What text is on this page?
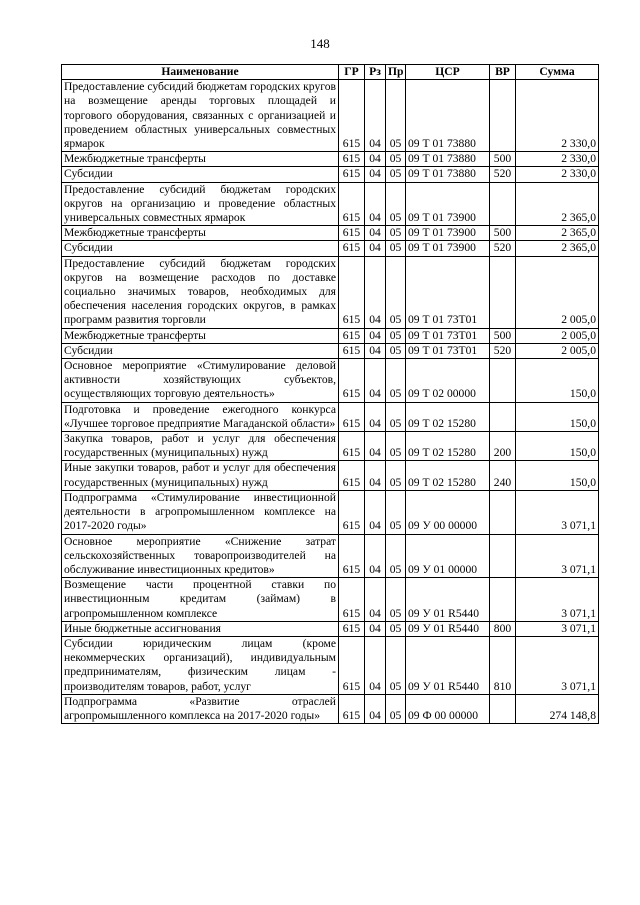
148
Наименование	ГР	Рз	Пр	ЦСР	ВР	Сумма
Предоставление субсидий бюджетам городских кругов на возмещение аренды торговых площадей и торгового оборудования, связанных с организацией и проведением областных универсальных совместных ярмарок	615	04	05	09 Т 01 73880		2 330,0
Межбюджетные трансферты	615	04	05	09 Т 01 73880	500	2 330,0
Субсидии	615	04	05	09 Т 01 73880	520	2 330,0
Предоставление субсидий бюджетам городских округов на организацию и проведение областных универсальных совместных ярмарок	615	04	05	09 Т 01 73900		2 365,0
Межбюджетные трансферты	615	04	05	09 Т 01 73900	500	2 365,0
Субсидии	615	04	05	09 Т 01 73900	520	2 365,0
Предоставление субсидий бюджетам городских округов на возмещение расходов по доставке социально значимых товаров, необходимых для обеспечения населения городских округов, в рамках программ развития торговли	615	04	05	09 Т 01 73Т01		2 005,0
Межбюджетные трансферты	615	04	05	09 Т 01 73Т01	500	2 005,0
Субсидии	615	04	05	09 Т 01 73Т01	520	2 005,0
Основное мероприятие «Стимулирование деловой активности хозяйствующих субъектов, осуществляющих торговую деятельность»	615	04	05	09 Т 02 00000		150,0
Подготовка и проведение ежегодного конкурса «Лучшее торговое предприятие Магаданской области»	615	04	05	09 Т 02 15280		150,0
Закупка товаров, работ и услуг для обеспечения государственных (муниципальных) нужд	615	04	05	09 Т 02 15280	200	150,0
Иные закупки товаров, работ и услуг для обеспечения государственных (муниципальных) нужд	615	04	05	09 Т 02 15280	240	150,0
Подпрограмма «Стимулирование инвестиционной деятельности в агропромышленном комплексе на 2017-2020 годы»	615	04	05	09 У 00 00000		3 071,1
Основное мероприятие «Снижение затрат сельскохозяйственных товаропроизводителей на обслуживание инвестиционных кредитов»	615	04	05	09 У 01 00000		3 071,1
Возмещение части процентной ставки по инвестиционным кредитам (займам) в агропромышленном комплексе	615	04	05	09 У 01 R5440		3 071,1
Иные бюджетные ассигнования	615	04	05	09 У 01 R5440	800	3 071,1
Субсидии юридическим лицам (кроме некоммерческих организаций), индивидуальным предпринимателям, физическим лицам - производителям товаров, работ, услуг	615	04	05	09 У 01 R5440	810	3 071,1
Подпрограмма «Развитие отраслей агропромышленного комплекса на 2017-2020 годы»	615	04	05	09 Ф 00 00000		274 148,8
